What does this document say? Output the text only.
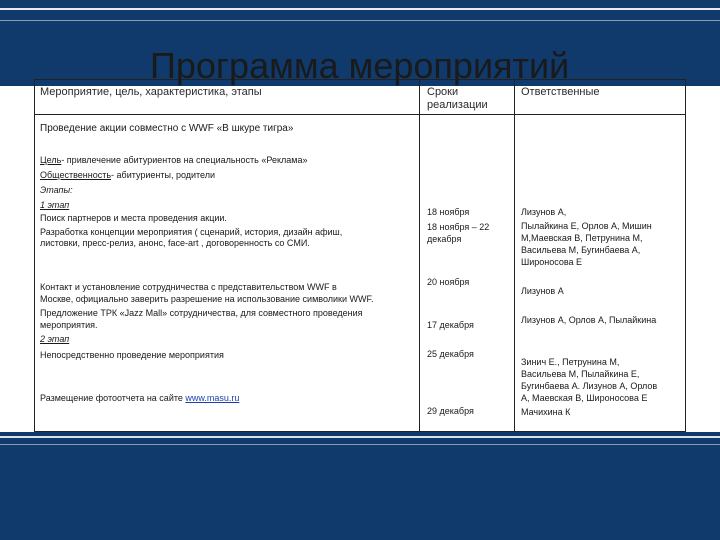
Программа мероприятий
Мероприятие, цель, характеристика, этапы	Сроки реализации
Ответственные
Проведение акции совместно с WWF «В шкуре тигра»
Цель- привлечение абитуриентов на специальность «Реклама»
Общественность- абитуриенты, родители
Этапы:
1 этап
Поиск партнеров и места проведения акции.
Разработка концепции мероприятия ( сценарий, история, дизайн афиш,
листовки, пресс-релиз, анонс, face-art , договоренность со СМИ.
Контакт и установление сотрудничества с представительством WWF в
Москве, официально заверить разрешение на использование символики WWF.
Предложение ТРК «Jazz Mall» сотрудничества, для совместного проведения
мероприятия.
2 этап
Непосредственно проведение мероприятия
Размещение фотоотчета на сайте www.masu.ru
18 ноября
18 ноября – 22
декабря
20 ноября
17 декабря
25 декабря
29 декабря
Лизунов А,
Пылайкина Е, Орлов А, Мишин
М,Маевская В, Петрунина М,
Васильева М, Бугинбаева А,
Широносова Е
Лизунов А
Лизунов А, Орлов А, Пылайкина
Зинич Е., Петрунина М,
Васильева М, Пылайкина Е,
Бугинбаева А. Лизунов А, Орлов
А, Маевская В, Широносова Е
Мачихина К
